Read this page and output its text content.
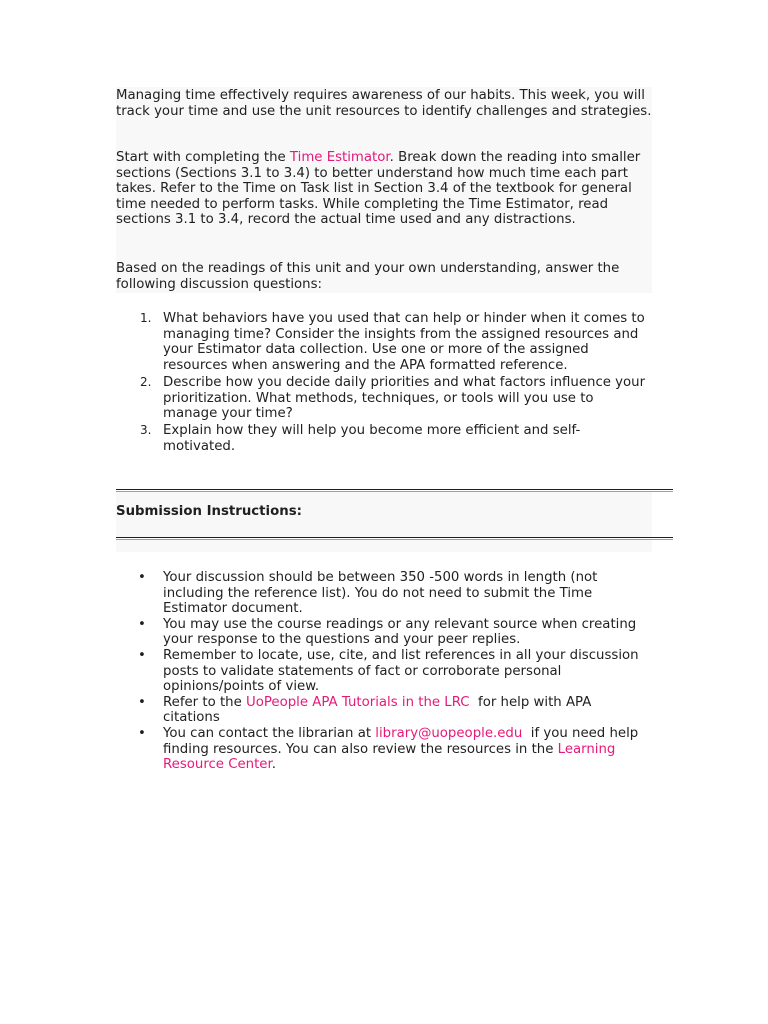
Managing time effectively requires awareness of our habits. This week, you will track your time and use the unit resources to identify challenges and strategies.

Start with completing the Time Estimator. Break down the reading into smaller sections (Sections 3.1 to 3.4) to better understand how much time each part takes. Refer to the Time on Task list in Section 3.4 of the textbook for general time needed to perform tasks. While completing the Time Estimator, read sections 3.1 to 3.4, record the actual time used and any distractions.

Based on the readings of this unit and your own understanding, answer the following discussion questions:

1. What behaviors have you used that can help or hinder when it comes to managing time? Consider the insights from the assigned resources and your Estimator data collection. Use one or more of the assigned resources when answering and the APA formatted reference.
2. Describe how you decide daily priorities and what factors influence your prioritization. What methods, techniques, or tools will you use to manage your time?
3. Explain how they will help you become more efficient and self-motivated.
Submission Instructions:
• Your discussion should be between 350 -500 words in length (not including the reference list). You do not need to submit the Time Estimator document.
• You may use the course readings or any relevant source when creating your response to the questions and your peer replies.
• Remember to locate, use, cite, and list references in all your discussion posts to validate statements of fact or corroborate personal opinions/points of view.
• Refer to the UoPeople APA Tutorials in the LRC  for help with APA citations
• You can contact the librarian at library@uopeople.edu  if you need help finding resources. You can also review the resources in the Learning Resource Center.
